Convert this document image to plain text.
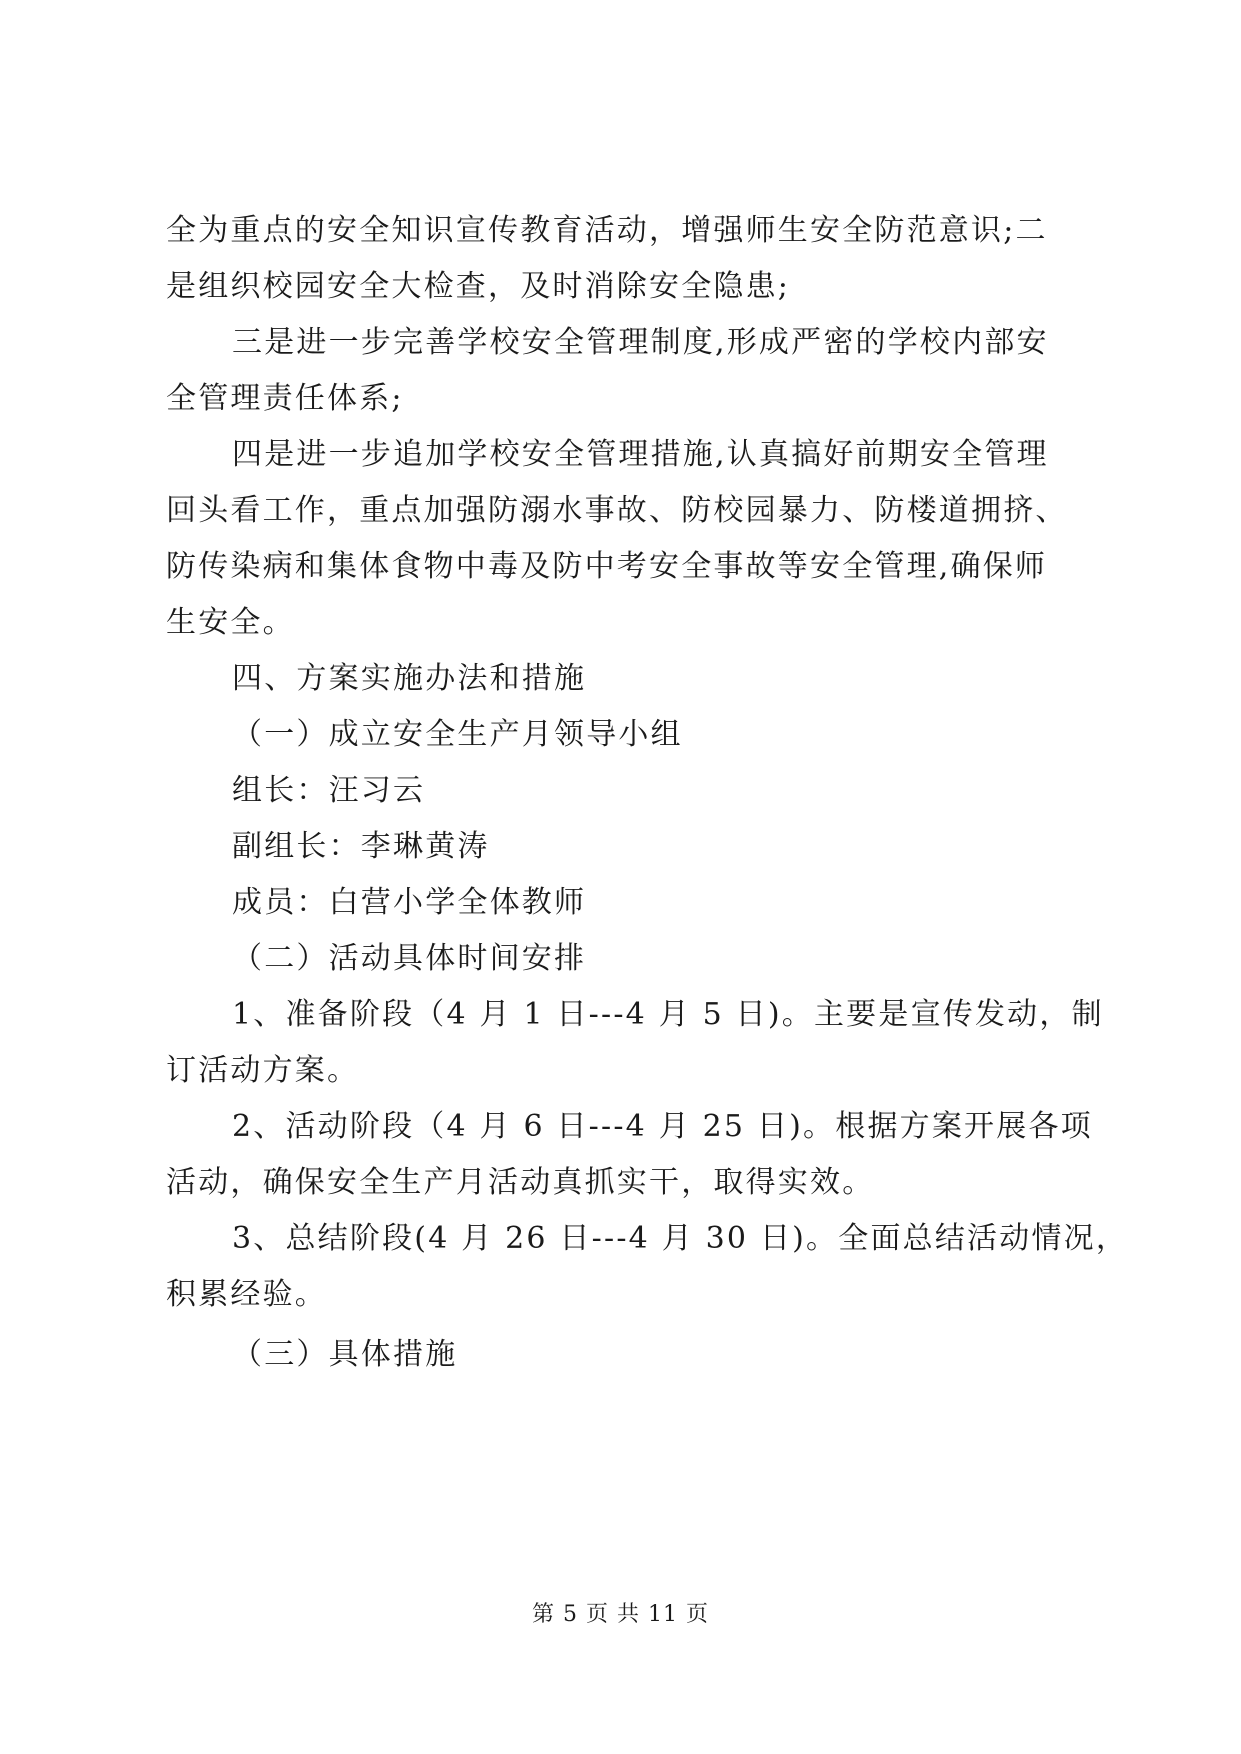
全为重点的安全知识宣传教育活动，增强师生安全防范意识;二
是组织校园安全大检查，及时消除安全隐患;
三是进一步完善学校安全管理制度,形成严密的学校内部安
全管理责任体系;
四是进一步追加学校安全管理措施,认真搞好前期安全管理
回头看工作，重点加强防溺水事故、防校园暴力、防楼道拥挤、
防传染病和集体食物中毒及防中考安全事故等安全管理,确保师
生安全。
四、方案实施办法和措施
（一）成立安全生产月领导小组
组长：汪习云
副组长：李琳黄涛
成员：白营小学全体教师
（二）活动具体时间安排
1、准备阶段（4 月 1 日---4 月 5 日)。主要是宣传发动，制
订活动方案。
2、活动阶段（4 月 6 日---4 月 25 日)。根据方案开展各项
活动，确保安全生产月活动真抓实干，取得实效。
3、总结阶段(4 月 26 日---4 月 30 日)。全面总结活动情况，
积累经验。
（三）具体措施
第 5 页 共 11 页
